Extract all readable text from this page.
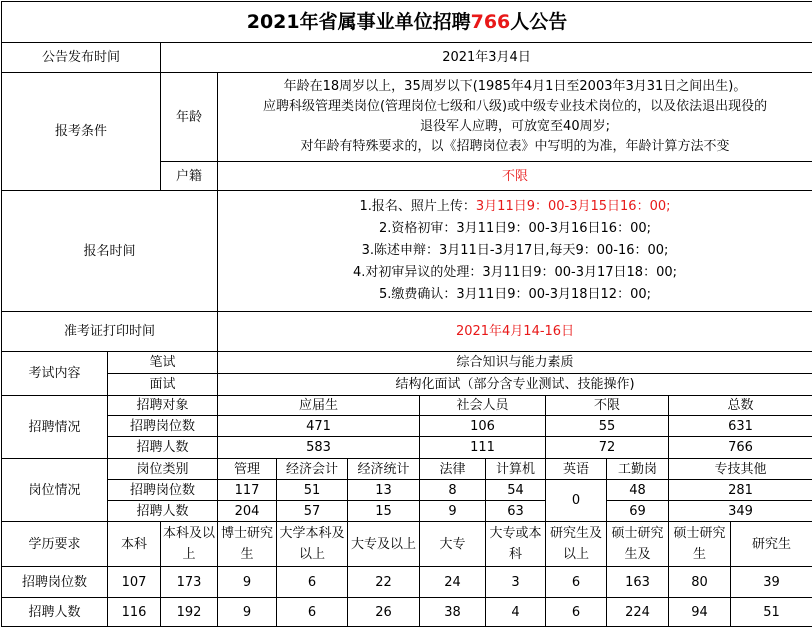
2021年省属事业单位招聘766人公告											
公告发布时间		2021年3月4日									
报考条件		年龄	年龄在18周岁以上，35周岁以下(1985年4月1日至2003年3月31日之间出生)。
应聘科级管理类岗位(管理岗位七级和八级)或中级专业技术岗位的，以及依法退出现役的
退役军人应聘，可放宽至40周岁;
对年龄有特殊要求的，以《招聘岗位表》中写明的为准，年龄计算方法不变								

		户籍	不限								
报名时间			1.报名、照片上传：3月11日9：00-3月15日16：00;
2.资格初审：3月11日9：00-3月16日16：00;
3.陈述申辩：3月11日-3月17日,每天9：00-16：00;
4.对初审异议的处理：3月11日9：00-3月17日18：00;
5.缴费确认：3月11日9：00-3月18日12：00;								

准考证打印时间			2021年4月14-16日								
考试内容	笔试		综合知识与能力素质								
	面试		结构化面试（部分含专业测试、技能操作)								
招聘情况	招聘对象		应届生			社会人员		不限		总数	
	招聘岗位数		471			106		55		631	
	招聘人数		583			111		72		766	
岗位情况	岗位类别		管理	经济会计	经济统计	法律	计算机	英语	工勤岗	专技其他	
	招聘岗位数		117	51	13	8	54	0	48	281	
	招聘人数		204	57	15	9	63		69	349	
学历要求	本科	本科及以上	博士研究生	大学本科及以上	大专及以上	大专	大专或本科	研究生及以上	硕士研究生及	硕士研究生	研究生
招聘岗位数	107	173	9	6	22	24	3	6	163	80	39
招聘人数	116	192	9	6	26	38	4	6	224	94	51
